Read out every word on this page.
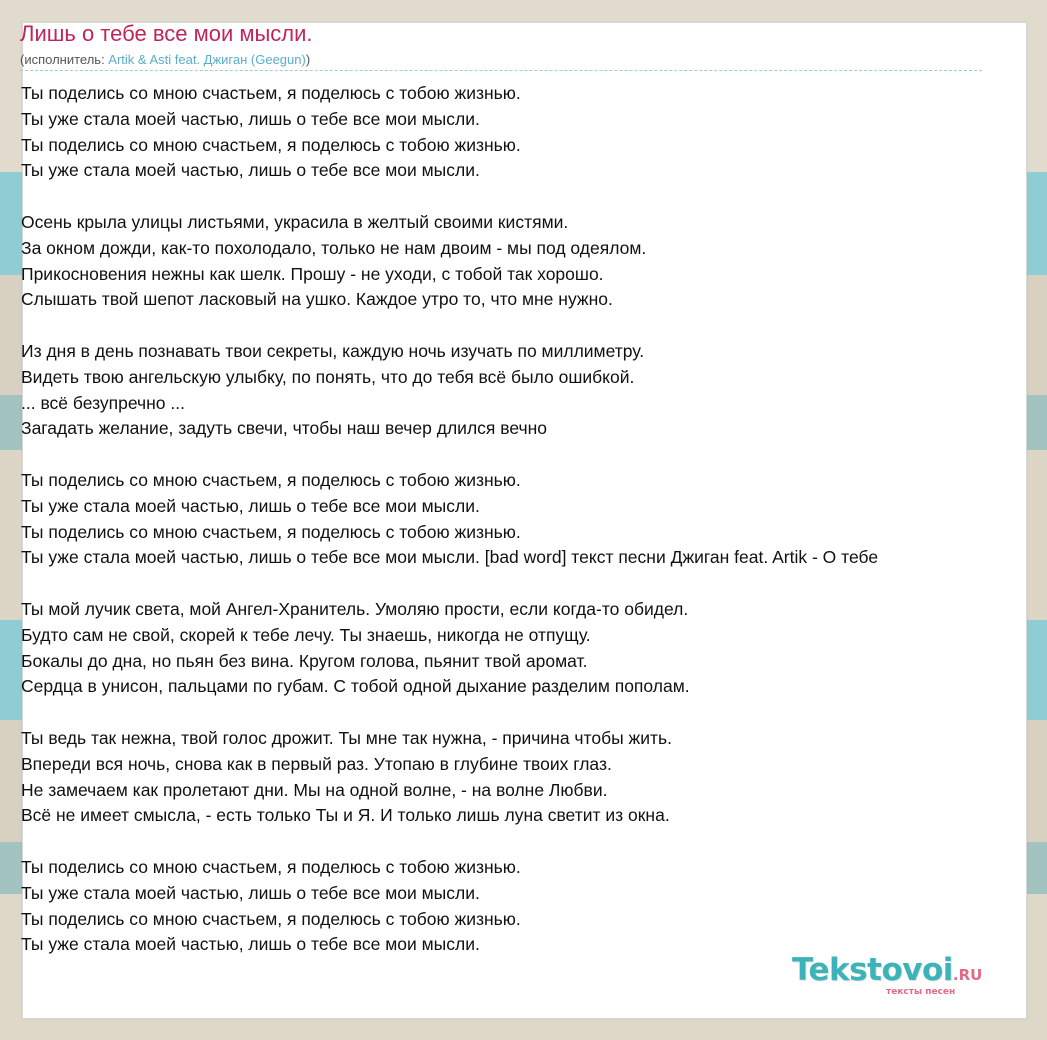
Лишь о тебе все мои мысли.
(исполнитель: Artik & Asti feat. Джиган (Geegun))
Ты поделись со мною счастьем, я поделюсь с тобою жизнью.
Ты уже стала моей частью, лишь о тебе все мои мысли.
Ты поделись со мною счастьем, я поделюсь с тобою жизнью.
Ты уже стала моей частью, лишь о тебе все мои мысли.
Осень крыла улицы листьями, украсила в желтый своими кистями.
За окном дожди, как-то похолодало, только не нам двоим - мы под одеялом.
Прикосновения нежны как шелк. Прошу - не уходи, с тобой так хорошо.
Слышать твой шепот ласковый на ушко. Каждое утро то, что мне нужно.
Из дня в день познавать твои секреты, каждую ночь изучать по миллиметру.
Видеть твою ангельскую улыбку, по понять, что до тебя всё было ошибкой.
... всё безупречно ...
Загадать желание, задуть свечи, чтобы наш вечер длился вечно
Ты поделись со мною счастьем, я поделюсь с тобою жизнью.
Ты уже стала моей частью, лишь о тебе все мои мысли.
Ты поделись со мною счастьем, я поделюсь с тобою жизнью.
Ты уже стала моей частью, лишь о тебе все мои мысли. [bad word] текст песни Джиган feat. Artik - О тебе
Ты мой лучик света, мой Ангел-Хранитель. Умоляю прости, если когда-то обидел.
Будто сам не свой, скорей к тебе лечу. Ты знаешь, никогда не отпущу.
Бокалы до дна, но пьян без вина. Кругом голова, пьянит твой аромат.
Сердца в унисон, пальцами по губам. С тобой одной дыхание разделим пополам.
Ты ведь так нежна, твой голос дрожит. Ты мне так нужна, - причина чтобы жить.
Впереди вся ночь, снова как в первый раз. Утопаю в глубине твоих глаз.
Не замечаем как пролетают дни. Мы на одной волне, - на волне Любви.
Всё не имеет смысла, - есть только Ты и Я. И только лишь луна светит из окна.
Ты поделись со мною счастьем, я поделюсь с тобою жизнью.
Ты уже стала моей частью, лишь о тебе все мои мысли.
Ты поделись со мною счастьем, я поделюсь с тобою жизнью.
Ты уже стала моей частью, лишь о тебе все мои мысли.
Tekstovoi.RU
тексты песен
